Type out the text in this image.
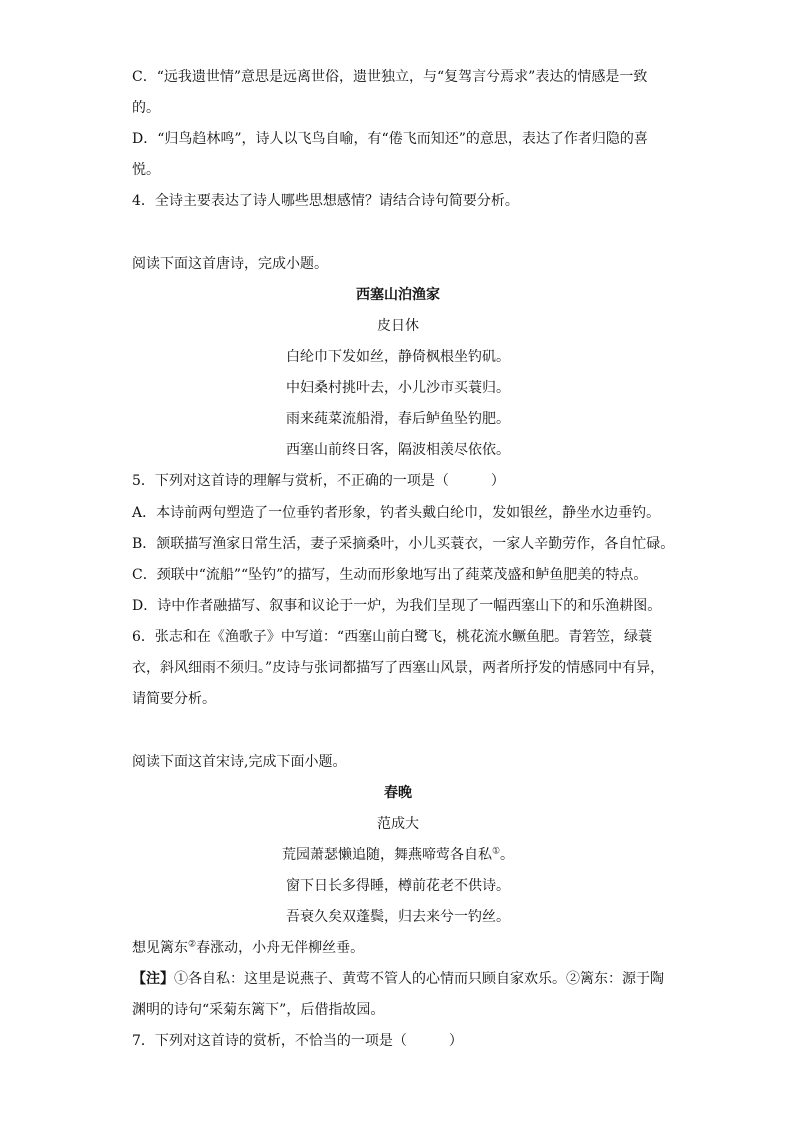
C．“远我遗世情”意思是远离世俗，遗世独立，与“复驾言兮焉求”表达的情感是一致

的。

D．“归鸟趋林鸣”，诗人以飞鸟自喻，有“倦飞而知还”的意思，表达了作者归隐的喜

悦。

4．全诗主要表达了诗人哪些思想感情？请结合诗句简要分析。

阅读下面这首唐诗，完成小题。

西塞山泊渔家

皮日休

白纶巾下发如丝，静倚枫根坐钓矶。

中妇桑村挑叶去，小儿沙市买蓑归。

雨来莼菜流船滑，春后鲈鱼坠钓肥。

西塞山前终日客，隔波相羡尽依依。

5．下列对这首诗的理解与赏析，不正确的一项是（　　　）

A．本诗前两句塑造了一位垂钓者形象，钓者头戴白纶巾，发如银丝，静坐水边垂钓。

B．颔联描写渔家日常生活，妻子采摘桑叶，小儿买蓑衣，一家人辛勤劳作，各自忙碌。

C．颈联中“流船”“坠钓”的描写，生动而形象地写出了莼菜茂盛和鲈鱼肥美的特点。

D．诗中作者融描写、叙事和议论于一炉，为我们呈现了一幅西塞山下的和乐渔耕图。

6．张志和在《渔歌子》中写道：“西塞山前白鹭飞，桃花流水鳜鱼肥。青箬笠，绿蓑

衣，斜风细雨不须归。”皮诗与张词都描写了西塞山风景，两者所抒发的情感同中有异，

请简要分析。

阅读下面这首宋诗,完成下面小题。

春晚

范成大

荒园萧瑟懒追随，舞燕啼莺各自私①。

窗下日长多得睡，樽前花老不供诗。

吾衰久矣双蓬鬓，归去来兮一钓丝。

想见篱东②春涨动，小舟无伴柳丝垂。

【注】①各自私：这里是说燕子、黄莺不管人的心情而只顾自家欢乐。②篱东：源于陶

渊明的诗句“采菊东篱下”，后借指故园。

7．下列对这首诗的赏析，不恰当的一项是（　　　）
